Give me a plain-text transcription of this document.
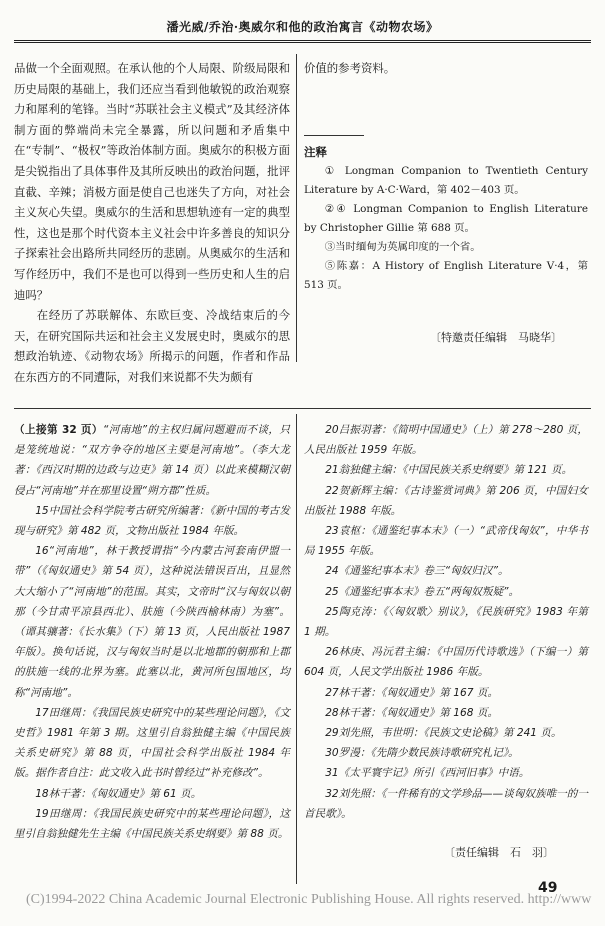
潘光威/乔治·奥威尔和他的政治寓言《动物农场》

品做一个全面观照。在承认他的个人局限、阶级局限和历史局限的基础上，我们还应当看到他敏锐的政治观察力和犀利的笔锋。当时“苏联社会主义模式”及其经济体制方面的弊端尚未完全暴露，所以问题和矛盾集中在“专制”、“极权”等政治体制方面。奥威尔的积极方面是尖锐指出了具体事件及其所反映出的政治问题，批评直截、辛辣；消极方面是使自己也迷失了方向，对社会主义灰心失望。奥威尔的生活和思想轨迹有一定的典型性，这也是那个时代资本主义社会中许多善良的知识分子探索社会出路所共同经历的悲剧。从奥威尔的生活和写作经历中，我们不是也可以得到一些历史和人生的启迪吗？

在经历了苏联解体、东欧巨变、冷战结束后的今天，在研究国际共运和社会主义发展史时，奥威尔的思想政治轨迹、《动物农场》所揭示的问题，作者和作品在东西方的不同遭际，对我们来说都不失为颇有

价值的参考资料。

注释

① Longman Companion to Twentieth Century Literature by A·C·Ward，第 402－403 页。

②④ Longman Companion to English Literature by Christopher Gillie 第 688 页。

③当时缅甸为英属印度的一个省。

⑤陈嘉：A History of English Literature V·4，第 513 页。

〔特邀责任编辑　马晓华〕

（上接第 32 页）“河南地”的主权归属问题避而不谈，只是笼统地说：“双方争夺的地区主要是河南地”。（李大龙著：《西汉时期的边政与边吏》第 14 页）以此来模糊汉朝侵占“河南地”并在那里设置“朔方郡”性质。

15中国社会科学院考古研究所编著：《新中国的考古发现与研究》第 482 页，文物出版社 1984 年版。

16“河南地”，林干教授谓指“今内蒙古河套南伊盟一带”（《匈奴通史》第 54 页），这种说法错误百出，且显然大大缩小了“河南地”的范围。其实，文帝时“汉与匈奴以朝那（今甘肃平凉县西北）、肤施（今陕西榆林南）为塞”。（谭其骧著：《长水集》（下）第 13 页，人民出版社 1987 年版）。换句话说，汉与匈奴当时是以北地郡的朝那和上郡的肤施一线的北界为塞。此塞以北，黄河所包围地区，均称“河南地”。

17田继周：《我国民族史研究中的某些理论问题》，《文史哲》1981 年第 3 期。这里引自翁独健主编《中国民族关系史研究》第 88 页，中国社会科学出版社 1984 年版。据作者自注：此文收入此书时曾经过“补充修改”。

18林干著：《匈奴通史》第 61 页。

19田继周：《我国民族史研究中的某些理论问题》，这里引自翁独健先生主编《中国民族关系史纲要》第 88 页。

20吕振羽著：《简明中国通史》（上）第 278～280 页，人民出版社 1959 年版。

21翁独健主编：《中国民族关系史纲要》第 121 页。

22贺新辉主编：《古诗鉴赏词典》第 206 页，中国妇女出版社 1988 年版。

23袁枢：《通鉴纪事本末》（一）“武帝伐匈奴”，中华书局 1955 年版。

24《通鉴纪事本末》卷三“匈奴归汉”。

25《通鉴纪事本末》卷五“两匈奴叛疑”。

25陶克涛：《〈匈奴歌〉别议》，《民族研究》1983 年第 1 期。

26林庚、冯沅君主编：《中国历代诗歌选》（下编一）第 604 页，人民文学出版社 1986 年版。

27林干著：《匈奴通史》第 167 页。

28林干著：《匈奴通史》第 168 页。

29刘先照，韦世明：《民族文史论稿》第 241 页。

30罗漫：《先隋少数民族诗歌研究札记》。

31《太平寰宇记》所引《西河旧事》中语。

32刘先照：《一件稀有的文学珍品——谈匈奴族唯一的一首民歌》。

〔责任编辑　石　羽〕
(C)1994-2022 China Academic Journal Electronic Publishing House. All rights reserved. http://www
49
